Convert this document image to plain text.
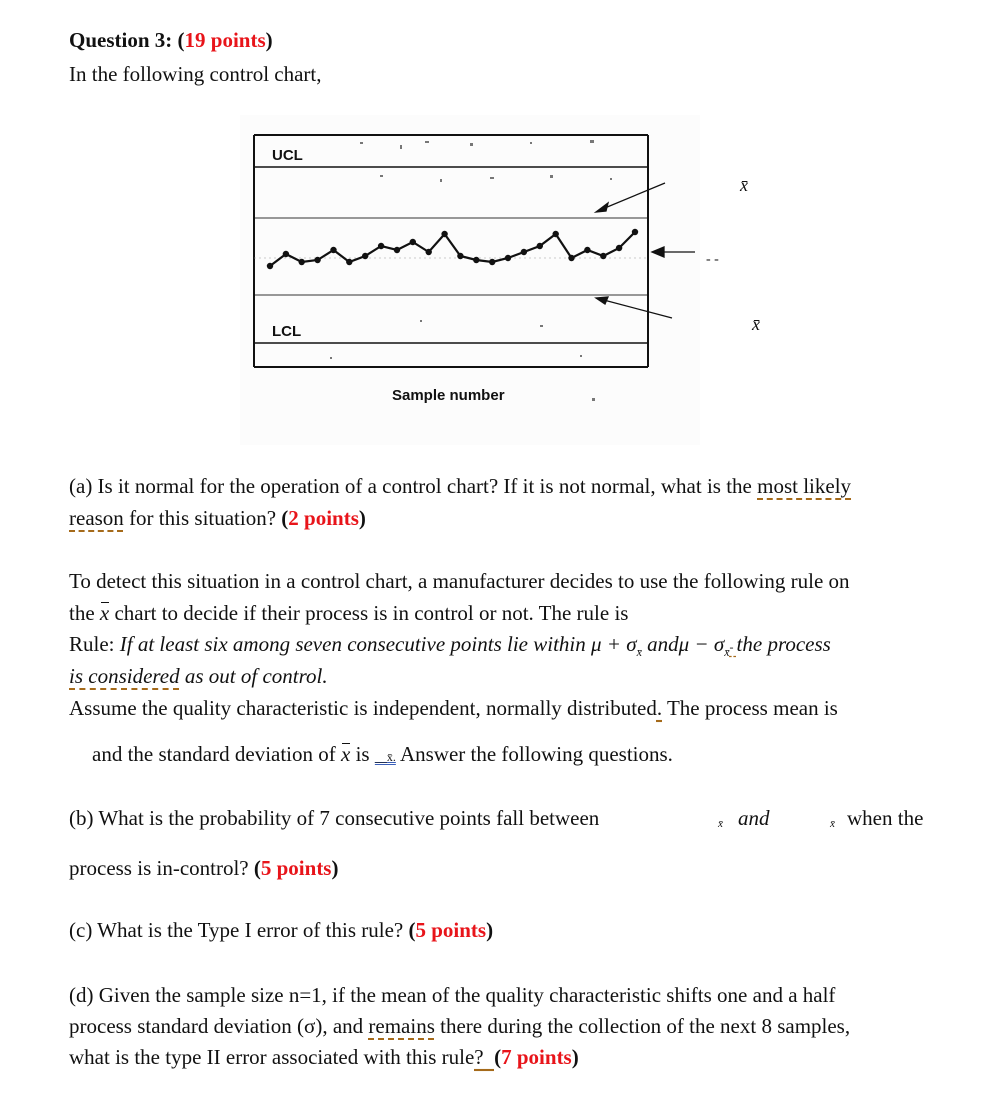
Question 3: (19 points)
In the following control chart,
UCL
LCL
Sample number
x̄
- -
x̄
(a) Is it normal for the operation of a control chart? If it is not normal, what is the most likely
reason for this situation? (2 points)
To detect this situation in a control chart, a manufacturer decides to use the following rule on
the x chart to decide if their process is in control or not. The rule is
Rule: If at least six among seven consecutive points lie within $\mu + \sigma_{x̄}$ $and\mu - \sigma_{x̄}-$ the process
is considered as out of control.
Assume the quality characteristic is independent, normally distributed. The process mean is
and the standard deviation of x is __x̄. Answer the following questions.
(b) What is the probability of 7 consecutive points fall between	x̄ and	x̄ when the
process is in-control? (5 points)
(c) What is the Type I error of this rule? (5 points)
(d) Given the sample size n=1, if the mean of the quality characteristic shifts one and a half
process standard deviation (σ), and remains there during the collection of the next 8 samples,
what is the type II error associated with this rule? (7 points)
